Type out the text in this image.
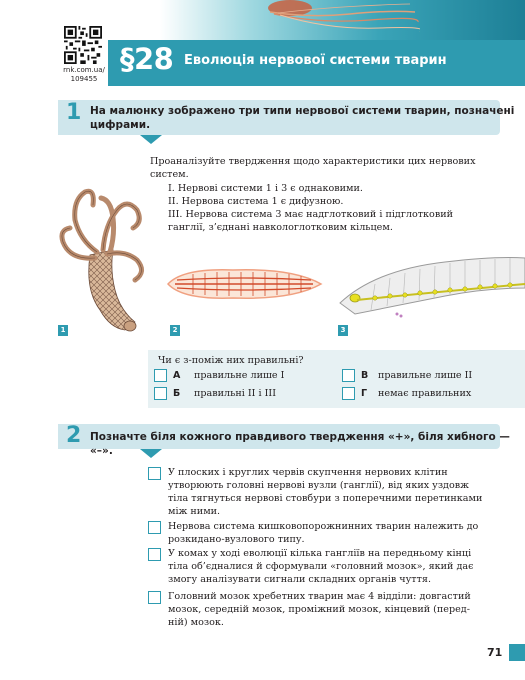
rnk.com.ua/
109455
§28 Еволюція нервової системи тварин
1 На малюнку зображено три типи нервової системи тварин, позначені
цифрами.
Проаналізуйте твердження щодо характеристики цих нервових
систем.
I. Нервові системи 1 і 3 є однаковими.
II. Нервова система 1 є дифузною.
III. Нервова система 3 має надглотковий і підглотковий
ганглії, з’єднані навкологлотковим кільцем.
1	2	3
Чи є з-поміж них правильні?
А правильне лише I	В правильне лише II
Б правильні II і III	Г немає правильних
2 Позначте біля кожного правдивого твердження «+», біля хибного — «–».
У плоских і круглих червів скупчення нервових клітин
утворюють головні нервові вузли (ганглії), від яких уздовж
тіла тягнуться нервові стовбури з поперечними перетинками
між ними.
Нервова система кишковопорожнинних тварин належить до
розкидано-вузлового типу.
У комах у ході еволюції кілька гангліїв на передньому кінці
тіла об’єдналися й сформували «головний мозок», який дає
змогу аналізувати сигнали складних органів чуття.
Головний мозок хребетних тварин має 4 відділи: довгастий
мозок, середній мозок, проміжний мозок, кінцевий (перед-
ній) мозок.
71
